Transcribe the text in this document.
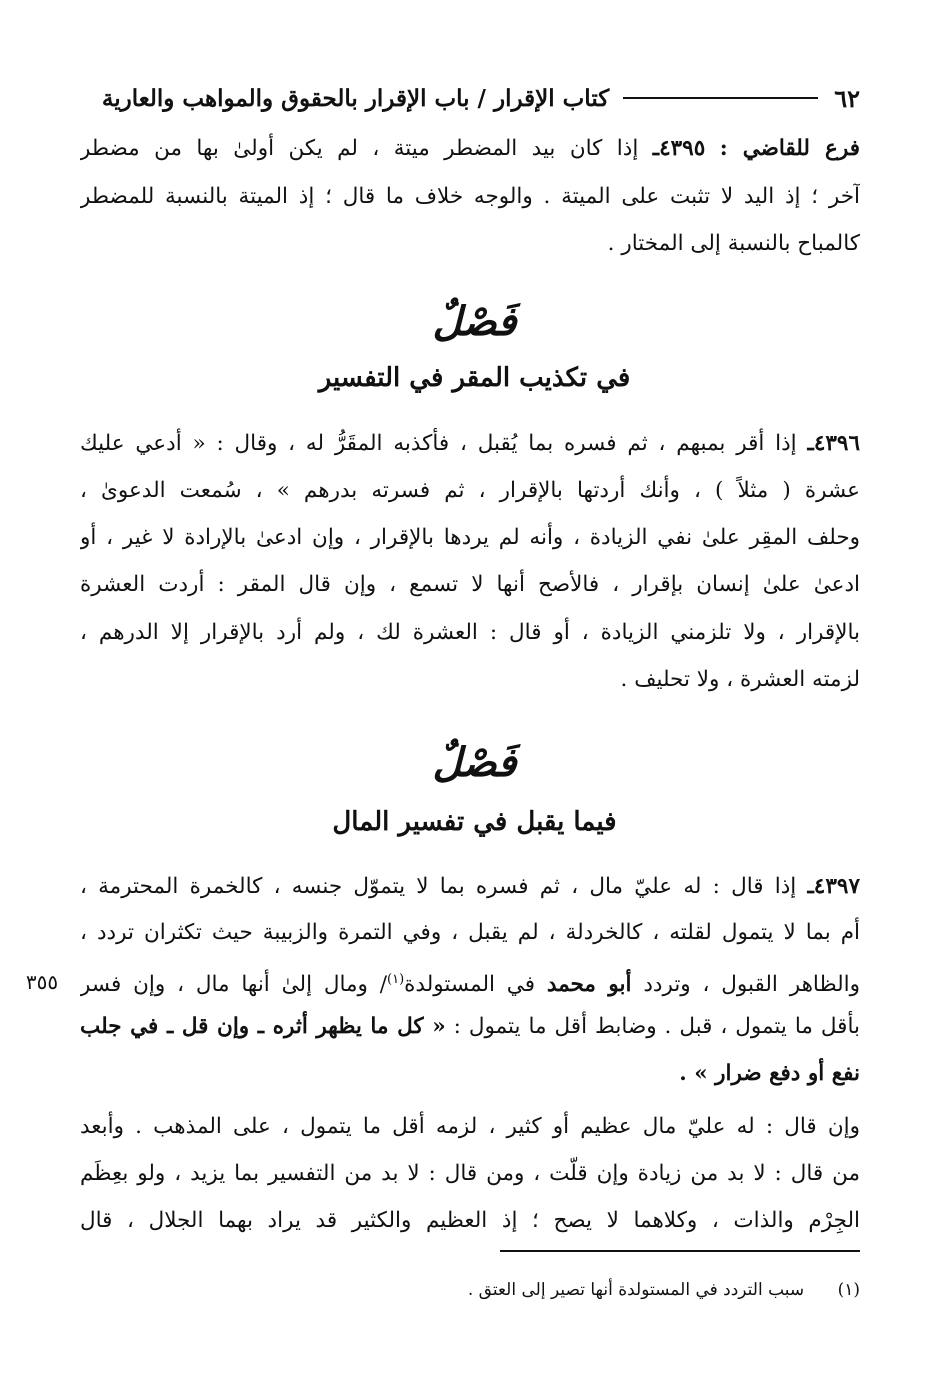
٦٢
كتاب الإقرار / باب الإقرار بالحقوق والمواهب والعارية
فرع للقاضي : ٤٣٩٥ـ إذا كان بيد المضطر ميتة ، لم يكن أولىٰ بها من مضطر
آخر ؛ إذ اليد لا تثبت على الميتة . والوجه خلاف ما قال ؛ إذ الميتة بالنسبة للمضطر
كالمباح بالنسبة إلى المختار .
فَصْلٌ
في تكذيب المقر في التفسير
٤٣٩٦ـ إذا أقر بمبهم ، ثم فسره بما يُقبل ، فأكذبه المقَرُّ له ، وقال : « أدعي عليك
عشرة ( مثلاً ) ، وأنك أردتها بالإقرار ، ثم فسرته بدرهم » ، سُمعت الدعوىٰ ،
وحلف المقِر علىٰ نفي الزيادة ، وأنه لم يردها بالإقرار ، وإن ادعىٰ بالإرادة لا غير ، أو
ادعىٰ علىٰ إنسان بإقرار ، فالأصح أنها لا تسمع ، وإن قال المقر : أردت العشرة
بالإقرار ، ولا تلزمني الزيادة ، أو قال : العشرة لك ، ولم أرد بالإقرار إلا الدرهم ،
لزمته العشرة ، ولا تحليف .
فَصْلٌ
فيما يقبل في تفسير المال
٤٣٩٧ـ إذا قال : له عليّ مال ، ثم فسره بما لا يتموّل جنسه ، كالخمرة المحترمة ،
أم بما لا يتمول لقلته ، كالخردلة ، لم يقبل ، وفي التمرة والزبيبة حيث تكثران تردد ،
والظاهر القبول ، وتردد أبو محمد في المستولدة$^{(١)}$/ ومال إلىٰ أنها مال ، وإن فسر
٣٥٥
بأقل ما يتمول ، قبل . وضابط أقل ما يتمول : « كل ما يظهر أثره ـ وإن قل ـ في جلب
نفع أو دفع ضرار » .
وإن قال : له عليّ مال عظيم أو كثير ، لزمه أقل ما يتمول ، على المذهب . وأبعد
من قال : لا بد من زيادة وإن قلّت ، ومن قال : لا بد من التفسير بما يزيد ، ولو بعِظَم
الجِرْم والذات ، وكلاهما لا يصح ؛ إذ العظيم والكثير قد يراد بهما الجلال ، قال
(١) سبب التردد في المستولدة أنها تصير إلى العتق .
